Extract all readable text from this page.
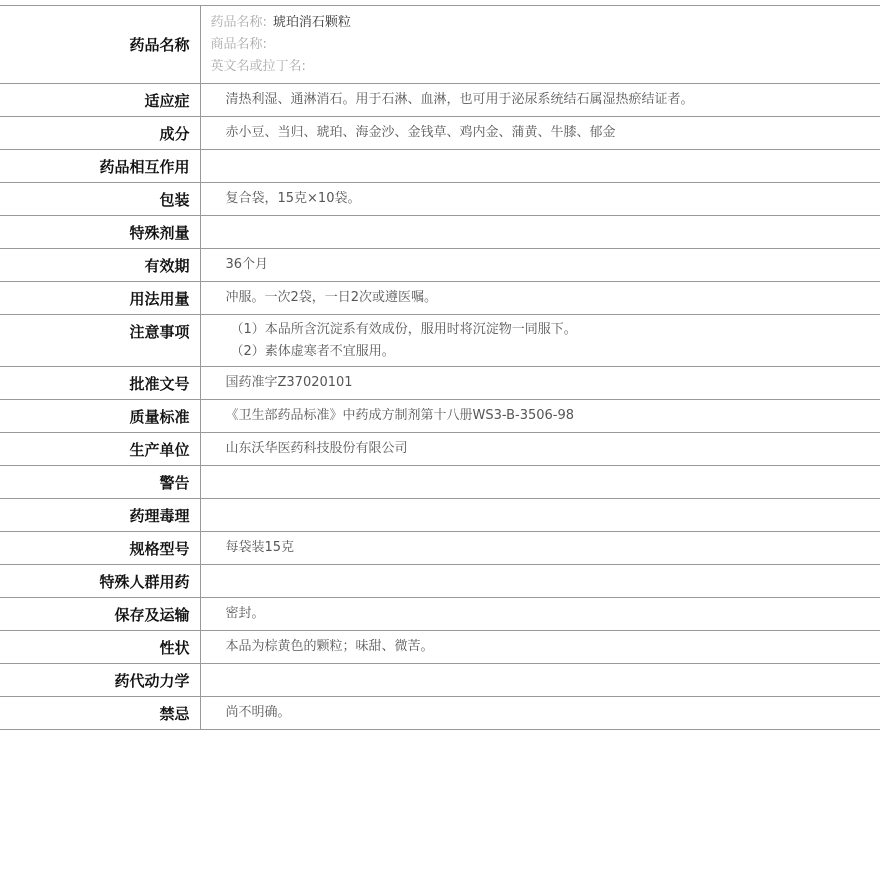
药品名称	药品名称: 琥珀消石颗粒
商品名称:
英文名或拉丁名:

适应症	清热利湿、通淋消石。用于石淋、血淋，也可用于泌尿系统结石属湿热瘀结证者。
成分	赤小豆、当归、琥珀、海金沙、金钱草、鸡内金、蒲黄、牛膝、郁金
药品相互作用	
包装	复合袋，15克×10袋。
特殊剂量	
有效期	36个月
用法用量	冲服。一次2袋，一日2次或遵医嘱。
注意事项	（1）本品所含沉淀系有效成份，服用时将沉淀物一同服下。
（2）素体虚寒者不宜服用。

批准文号	国药准字Z37020101
质量标准	《卫生部药品标准》中药成方制剂第十八册WS3-B-3506-98
生产单位	山东沃华医药科技股份有限公司
警告	
药理毒理	
规格型号	每袋装15克
特殊人群用药	
保存及运输	密封。
性状	本品为棕黄色的颗粒；味甜、微苦。
药代动力学	
禁忌	尚不明确。
